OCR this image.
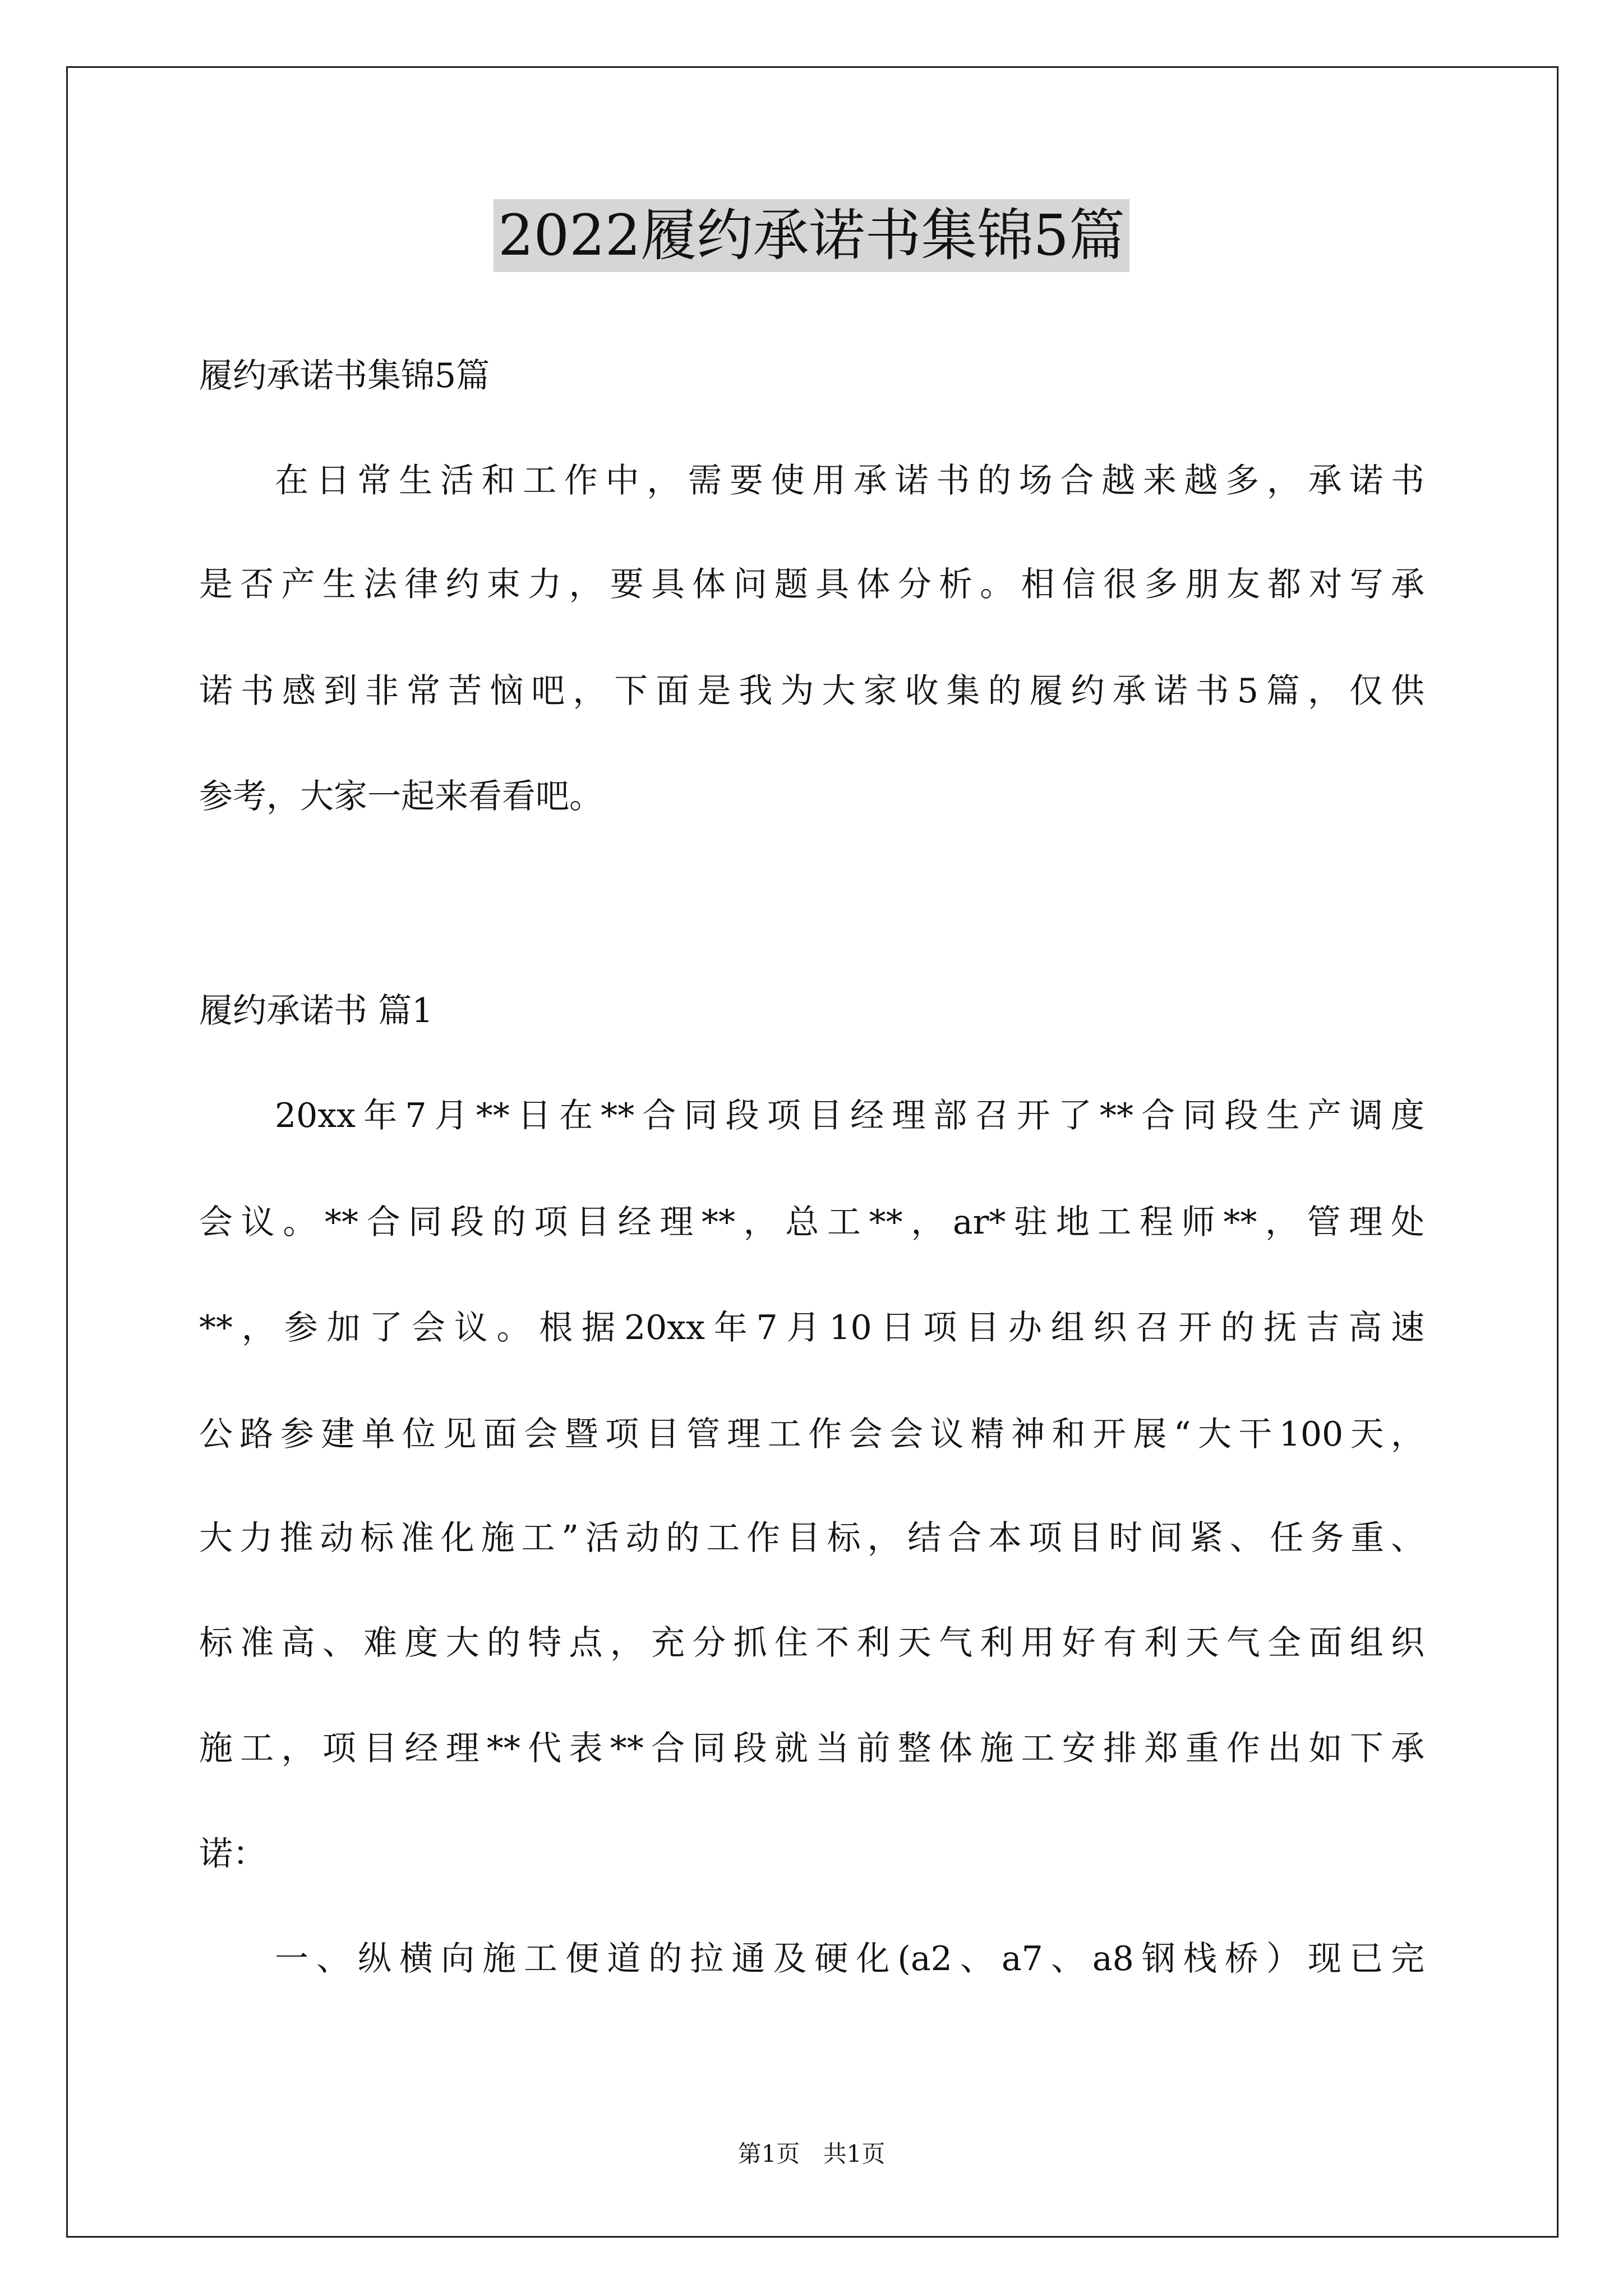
2022履约承诺书集锦5篇
履约承诺书集锦5篇
在日常生活和工作中，需要使用承诺书的场合越来越多，承诺书
是否产生法律约束力，要具体问题具体分析。相信很多朋友都对写承
诺书感到非常苦恼吧，下面是我为大家收集的履约承诺书5篇，仅供
参考，大家一起来看看吧。
履约承诺书 篇1
20xx年7月**日在**合同段项目经理部召开了**合同段生产调度
会议。**合同段的项目经理**，总工**，ar*驻地工程师**，管理处
**，参加了会议。根据20xx年7月10日项目办组织召开的抚吉高速
公路参建单位见面会暨项目管理工作会会议精神和开展“大干100天，
大力推动标准化施工”活动的工作目标，结合本项目时间紧、任务重、
标准高、难度大的特点，充分抓住不利天气利用好有利天气全面组织
施工，项目经理**代表**合同段就当前整体施工安排郑重作出如下承
诺：
一、纵横向施工便道的拉通及硬化(a2、a7、a8钢栈桥）现已完
第1页 共1页
